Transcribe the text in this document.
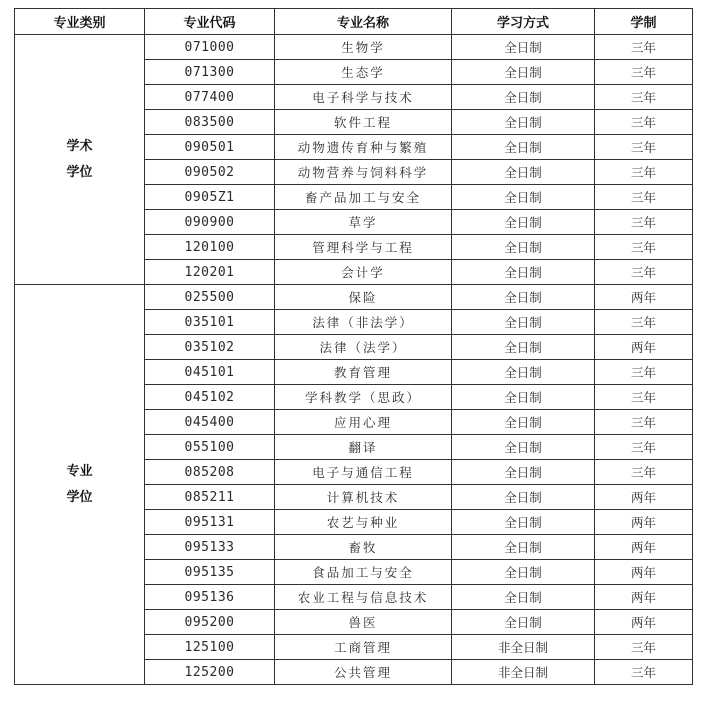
专业类别	专业代码	专业名称	学习方式	学制

学术
学位	071000	生物学	全日制	三年
	071300	生态学	全日制	三年
	077400	电子科学与技术	全日制	三年
	083500	软件工程	全日制	三年
	090501	动物遗传育种与繁殖	全日制	三年
	090502	动物营养与饲料科学	全日制	三年
	0905Z1	畜产品加工与安全	全日制	三年
	090900	草学	全日制	三年
	120100	管理科学与工程	全日制	三年
	120201	会计学	全日制	三年

专业
学位	025500	保险	全日制	两年
	035101	法律（非法学）	全日制	三年
	035102	法律（法学）	全日制	两年
	045101	教育管理	全日制	三年
	045102	学科教学（思政）	全日制	三年
	045400	应用心理	全日制	三年
	055100	翻译	全日制	三年
	085208	电子与通信工程	全日制	三年
	085211	计算机技术	全日制	两年
	095131	农艺与种业	全日制	两年
	095133	畜牧	全日制	两年
	095135	食品加工与安全	全日制	两年
	095136	农业工程与信息技术	全日制	两年
	095200	兽医	全日制	两年
	125100	工商管理	非全日制	三年
	125200	公共管理	非全日制	三年
